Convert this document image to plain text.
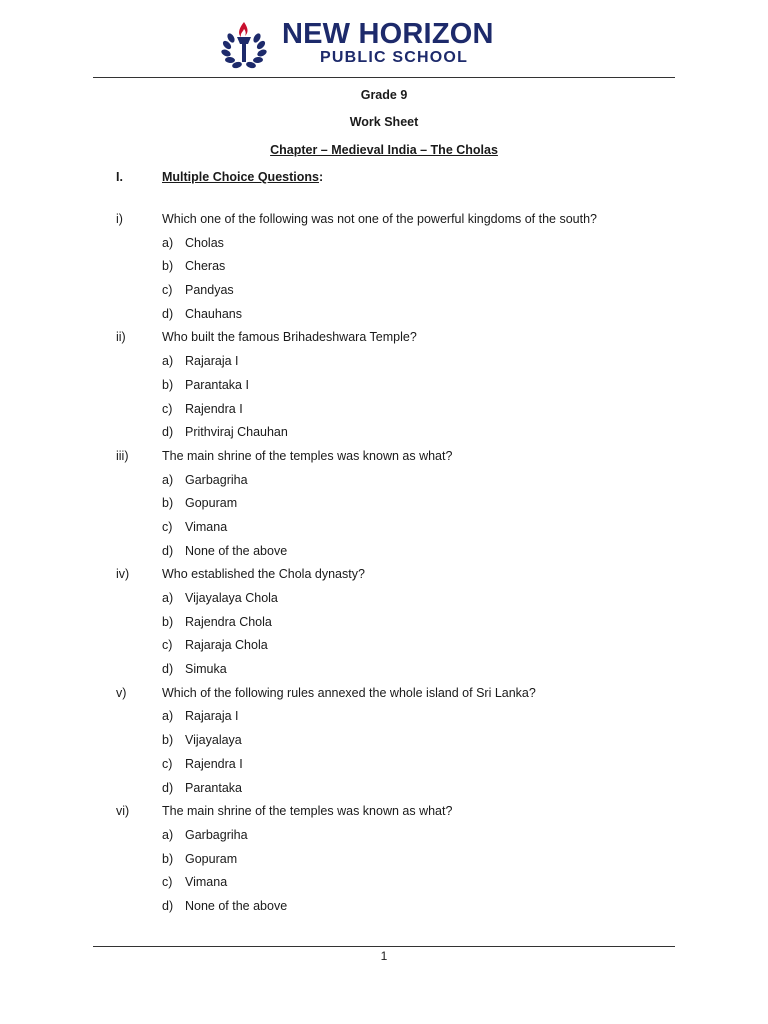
NEW HORIZON
PUBLIC SCHOOL
Grade 9
Work Sheet
Chapter – Medieval India – The Cholas
I.	Multiple Choice Questions:
i)	Which one of the following was not one of the powerful kingdoms of the south?
a) Cholas
b) Cheras
c) Pandyas
d) Chauhans
ii)	Who built the famous Brihadeshwara Temple?
a) Rajaraja I
b) Parantaka I
c) Rajendra I
d) Prithviraj Chauhan
iii)	The main shrine of the temples was known as what?
a) Garbagriha
b) Gopuram
c) Vimana
d) None of the above
iv)	Who established the Chola dynasty?
a) Vijayalaya Chola
b) Rajendra Chola
c) Rajaraja Chola
d) Simuka
v)	Which of the following rules annexed the whole island of Sri Lanka?
a) Rajaraja I
b) Vijayalaya
c) Rajendra I
d) Parantaka
vi)	The main shrine of the temples was known as what?
a) Garbagriha
b) Gopuram
c) Vimana
d) None of the above
1
